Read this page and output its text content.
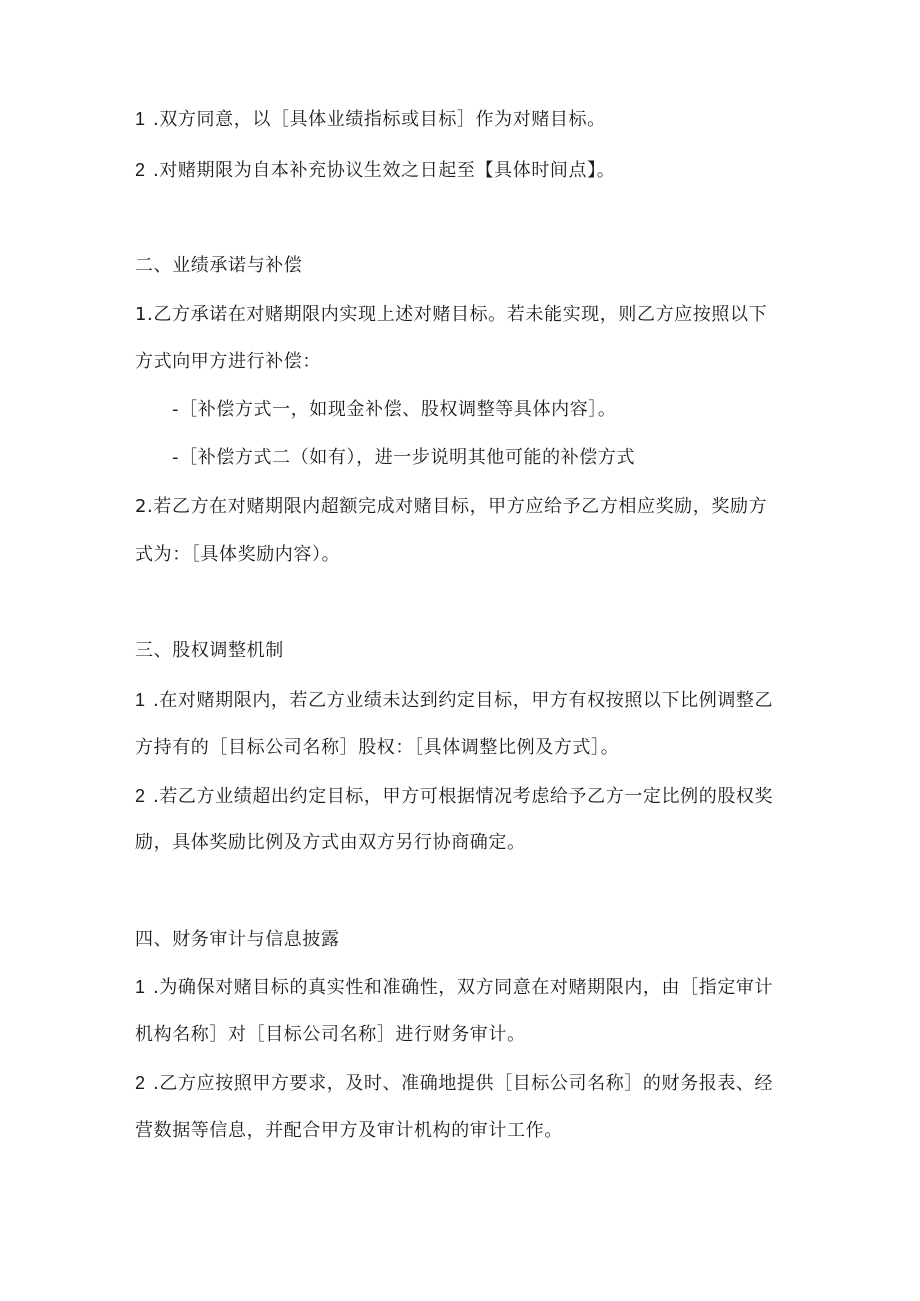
1 .双方同意，以［具体业绩指标或目标］作为对赌目标。
2 .对赌期限为自本补充协议生效之日起至【具体时间点】。
二、业绩承诺与补偿
1.乙方承诺在对赌期限内实现上述对赌目标。若未能实现，则乙方应按照以下
方式向甲方进行补偿：
-［补偿方式一，如现金补偿、股权调整等具体内容］。
-［补偿方式二（如有），进一步说明其他可能的补偿方式
2.若乙方在对赌期限内超额完成对赌目标，甲方应给予乙方相应奖励，奖励方
式为：［具体奖励内容）。
三、股权调整机制
1 .在对赌期限内，若乙方业绩未达到约定目标，甲方有权按照以下比例调整乙
方持有的［目标公司名称］股权：［具体调整比例及方式］。
2 .若乙方业绩超出约定目标，甲方可根据情况考虑给予乙方一定比例的股权奖
励，具体奖励比例及方式由双方另行协商确定。
四、财务审计与信息披露
1 .为确保对赌目标的真实性和准确性，双方同意在对赌期限内，由［指定审计
机构名称］对［目标公司名称］进行财务审计。
2 .乙方应按照甲方要求，及时、准确地提供［目标公司名称］的财务报表、经
营数据等信息，并配合甲方及审计机构的审计工作。
